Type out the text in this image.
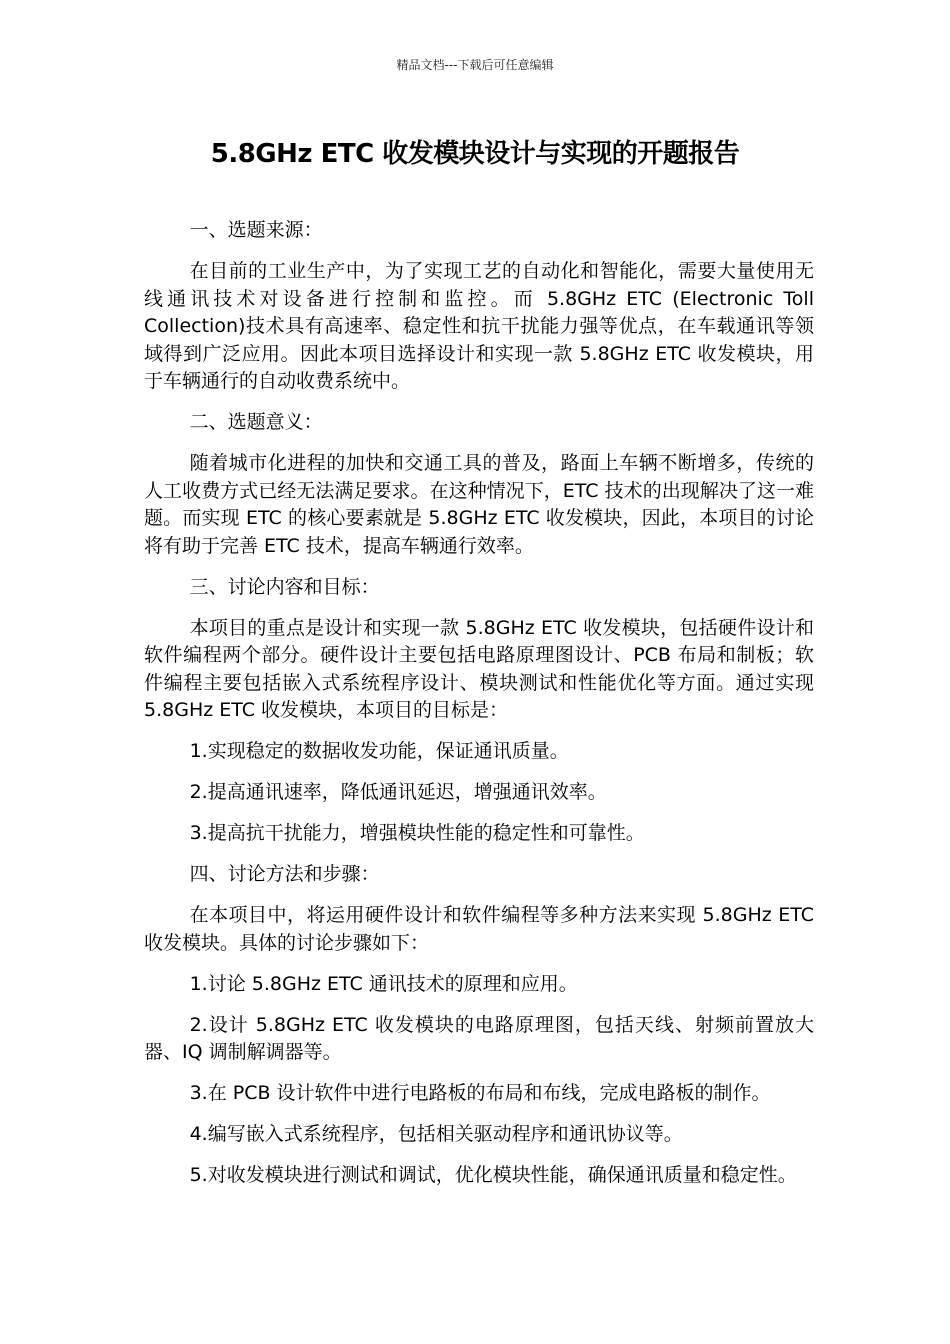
精品文档---下载后可任意编辑
5.8GHz ETC 收发模块设计与实现的开题报告

一、选题来源：

在目前的工业生产中，为了实现工艺的自动化和智能化，需要大量使用无线通讯技术对设备进行控制和监控。而 5.8GHz ETC (Electronic Toll Collection)技术具有高速率、稳定性和抗干扰能力强等优点，在车载通讯等领域得到广泛应用。因此本项目选择设计和实现一款 5.8GHz ETC 收发模块，用于车辆通行的自动收费系统中。

二、选题意义：

随着城市化进程的加快和交通工具的普及，路面上车辆不断增多，传统的人工收费方式已经无法满足要求。在这种情况下，ETC 技术的出现解决了这一难题。而实现 ETC 的核心要素就是 5.8GHz ETC 收发模块，因此，本项目的讨论将有助于完善 ETC 技术，提高车辆通行效率。

三、讨论内容和目标：

本项目的重点是设计和实现一款 5.8GHz ETC 收发模块，包括硬件设计和软件编程两个部分。硬件设计主要包括电路原理图设计、PCB 布局和制板；软件编程主要包括嵌入式系统程序设计、模块测试和性能优化等方面。通过实现 5.8GHz ETC 收发模块，本项目的目标是：

1.实现稳定的数据收发功能，保证通讯质量。

2.提高通讯速率，降低通讯延迟，增强通讯效率。

3.提高抗干扰能力，增强模块性能的稳定性和可靠性。

四、讨论方法和步骤：

在本项目中，将运用硬件设计和软件编程等多种方法来实现 5.8GHz ETC 收发模块。具体的讨论步骤如下：

1.讨论 5.8GHz ETC 通讯技术的原理和应用。

2.设计 5.8GHz ETC 收发模块的电路原理图，包括天线、射频前置放大器、IQ 调制解调器等。

3.在 PCB 设计软件中进行电路板的布局和布线，完成电路板的制作。

4.编写嵌入式系统程序，包括相关驱动程序和通讯协议等。

5.对收发模块进行测试和调试，优化模块性能，确保通讯质量和稳定性。
